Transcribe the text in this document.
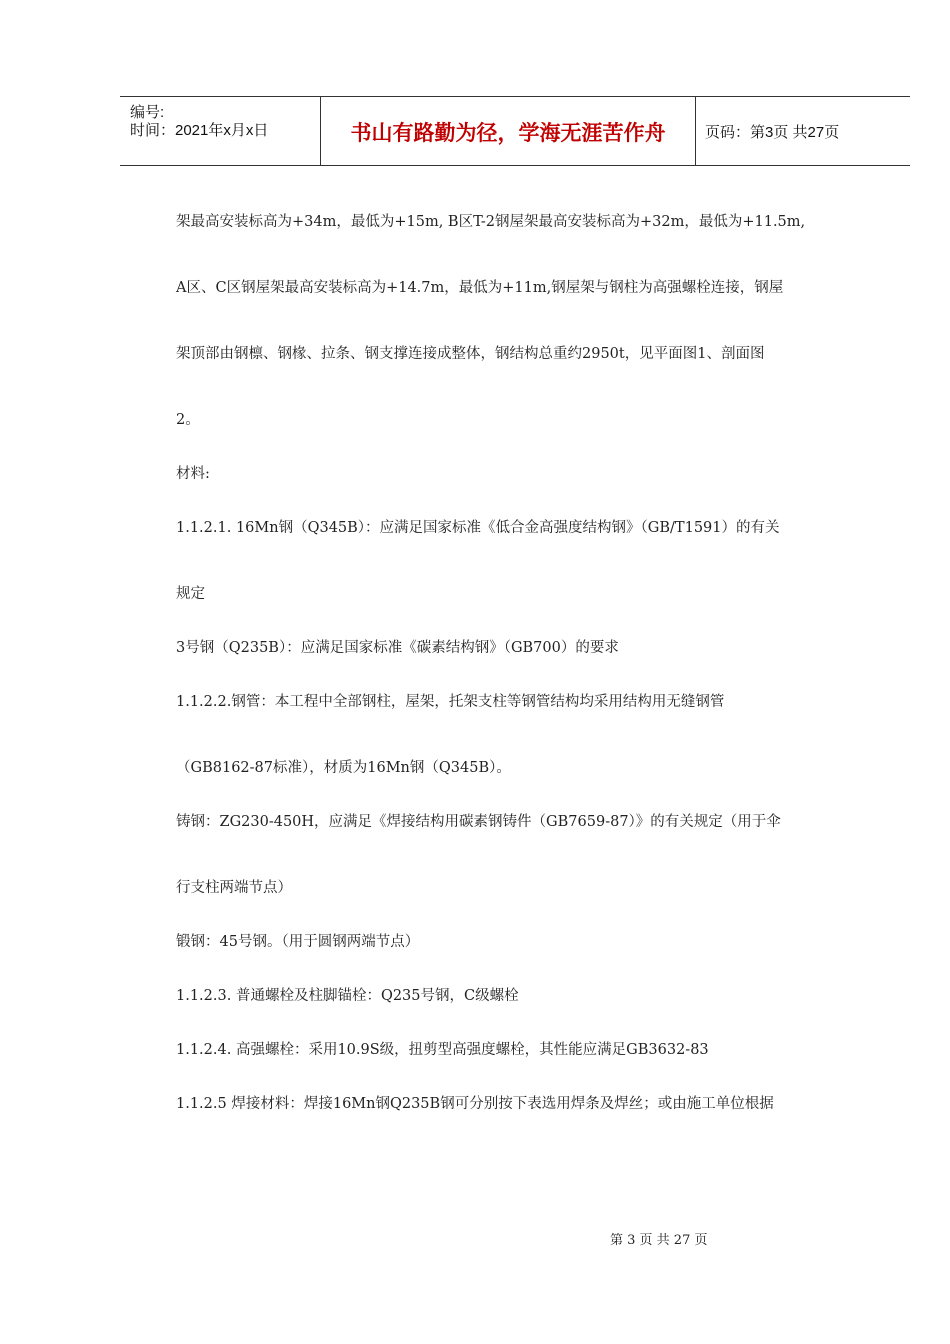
编号:
时间：2021年x月x日	书山有路勤为径，学海无涯苦作舟	页码：第3页 共27页
架最高安装标高为+34m，最低为+15m, B区T-2钢屋架最高安装标高为+32m，最低为+11.5m,
A区、C区钢屋架最高安装标高为+14.7m，最低为+11m,钢屋架与钢柱为高强螺栓连接，钢屋
架顶部由钢檩、钢椽、拉条、钢支撑连接成整体，钢结构总重约2950t，见平面图1、剖面图
2。
材料:
1.1.2.1. 16Mn钢（Q345B）：应满足国家标准《低合金高强度结构钢》（GB/T1591）的有关
规定
3号钢（Q235B）：应满足国家标准《碳素结构钢》（GB700）的要求
1.1.2.2.钢管：本工程中全部钢柱，屋架，托架支柱等钢管结构均采用结构用无缝钢管
（GB8162-87标准），材质为16Mn钢（Q345B）。
铸钢：ZG230-450H，应满足《焊接结构用碳素钢铸件（GB7659-87）》的有关规定（用于伞
行支柱两端节点）
锻钢：45号钢。（用于圆钢两端节点）
1.1.2.3. 普通螺栓及柱脚锚栓：Q235号钢，C级螺栓
1.1.2.4. 高强螺栓：采用10.9S级，扭剪型高强度螺栓，其性能应满足GB3632-83
1.1.2.5 焊接材料：焊接16Mn钢Q235B钢可分别按下表选用焊条及焊丝；或由施工单位根据
第 3 页 共 27 页
